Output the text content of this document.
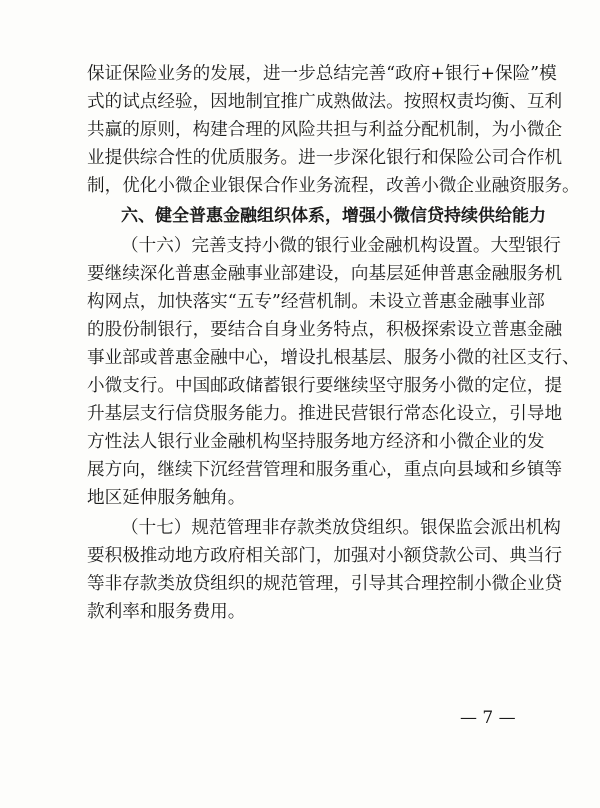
保证保险业务的发展，进一步总结完善“政府+银行+保险”模
式的试点经验，因地制宜推广成熟做法。按照权责均衡、互利
共赢的原则，构建合理的风险共担与利益分配机制，为小微企
业提供综合性的优质服务。进一步深化银行和保险公司合作机
制，优化小微企业银保合作业务流程，改善小微企业融资服务。
六、健全普惠金融组织体系，增强小微信贷持续供给能力
（十六）完善支持小微的银行业金融机构设置。大型银行
要继续深化普惠金融事业部建设，向基层延伸普惠金融服务机
构网点，加快落实“五专”经营机制。未设立普惠金融事业部
的股份制银行，要结合自身业务特点，积极探索设立普惠金融
事业部或普惠金融中心，增设扎根基层、服务小微的社区支行、
小微支行。中国邮政储蓄银行要继续坚守服务小微的定位，提
升基层支行信贷服务能力。推进民营银行常态化设立，引导地
方性法人银行业金融机构坚持服务地方经济和小微企业的发
展方向，继续下沉经营管理和服务重心，重点向县域和乡镇等
地区延伸服务触角。
（十七）规范管理非存款类放贷组织。银保监会派出机构
要积极推动地方政府相关部门，加强对小额贷款公司、典当行
等非存款类放贷组织的规范管理，引导其合理控制小微企业贷
款利率和服务费用。
— 7 —
